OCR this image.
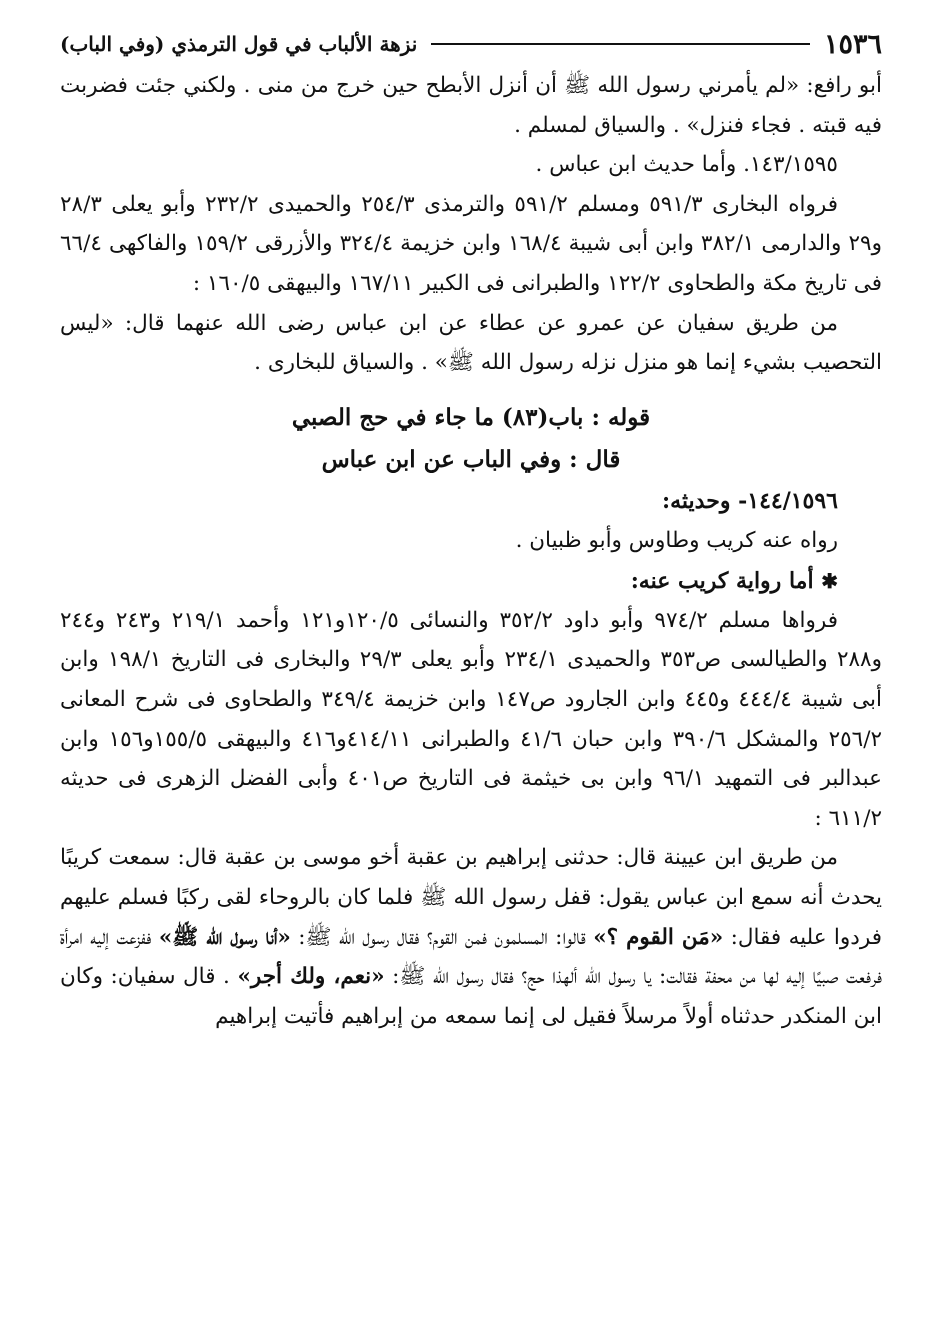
١٥٣٦
نزهة الألباب في قول الترمذي (وفي الباب)

أبو رافع: «لم يأمرني رسول الله ﷺ أن أنزل الأبطح حين خرج من منى . ولكني جئت فضربت فيه قبته . فجاء فنزل» . والسياق لمسلم .

١٤٣/١٥٩٥. وأما حديث ابن عباس .

فرواه البخارى ٥٩١/٣ ومسلم ٥٩١/٢ والترمذى ٢٥٤/٣ والحميدى ٢٣٢/٢ وأبو يعلى ٢٨/٣ و٢٩ والدارمى ٣٨٢/١ وابن أبى شيبة ١٦٨/٤ وابن خزيمة ٣٢٤/٤ والأزرقى ١٥٩/٢ والفاكهى ٦٦/٤ فى تاريخ مكة والطحاوى ١٢٢/٢ والطبرانى فى الكبير ١٦٧/١١ والبيهقى ١٦٠/٥ :

من طريق سفيان عن عمرو عن عطاء عن ابن عباس رضى الله عنهما قال: «ليس التحصيب بشيء إنما هو منزل نزله رسول الله ﷺ» . والسياق للبخارى .

قوله : باب(٨٣) ما جاء في حج الصبي

قال : وفي الباب عن ابن عباس

١٤٤/١٥٩٦- وحديثه:

رواه عنه كريب وطاوس وأبو ظبيان .

✱ أما رواية كريب عنه:

فرواها مسلم ٩٧٤/٢ وأبو داود ٣٥٢/٢ والنسائى ١٢٠/٥و١٢١ وأحمد ٢١٩/١ و٢٤٣ و٢٤٤ و٢٨٨ والطيالسى ص٣٥٣ والحميدى ٢٣٤/١ وأبو يعلى ٢٩/٣ والبخارى فى التاريخ ١٩٨/١ وابن أبى شيبة ٤٤٤/٤ و٤٤٥ وابن الجارود ص١٤٧ وابن خزيمة ٣٤٩/٤ والطحاوى فى شرح المعانى ٢٥٦/٢ والمشكل ٣٩٠/٦ وابن حبان ٤١/٦ والطبرانى ٤١٤/١١و٤١٦ والبيهقى ١٥٥/٥و١٥٦ وابن عبدالبر فى التمهيد ٩٦/١ وابن بى خيثمة فى التاريخ ص٤٠١ وأبى الفضل الزهرى فى حديثه ٦١١/٢ :

من طريق ابن عيينة قال: حدثنى إبراهيم بن عقبة أخو موسى بن عقبة قال: سمعت كريبًا يحدث أنه سمع ابن عباس يقول: قفل رسول الله ﷺ فلما كان بالروحاء لقى ركبًا فسلم عليهم فردوا عليه فقال: «مَن القوم ؟» قالوا: المسلمون فمن القوم؟ فقال رسول الله ﷺ: «أنا رسول الله ﷺ» ففزعت إليه امرأة فرفعت صبيًا إليه لها من محفة فقالت: يا رسول الله ألهذا حج؟ فقال رسول الله ﷺ: «نعم، ولك أجر» . قال سفيان: وكان ابن المنكدر حدثناه أولاً مرسلاً فقيل لى إنما سمعه من إبراهيم فأتيت إبراهيم
